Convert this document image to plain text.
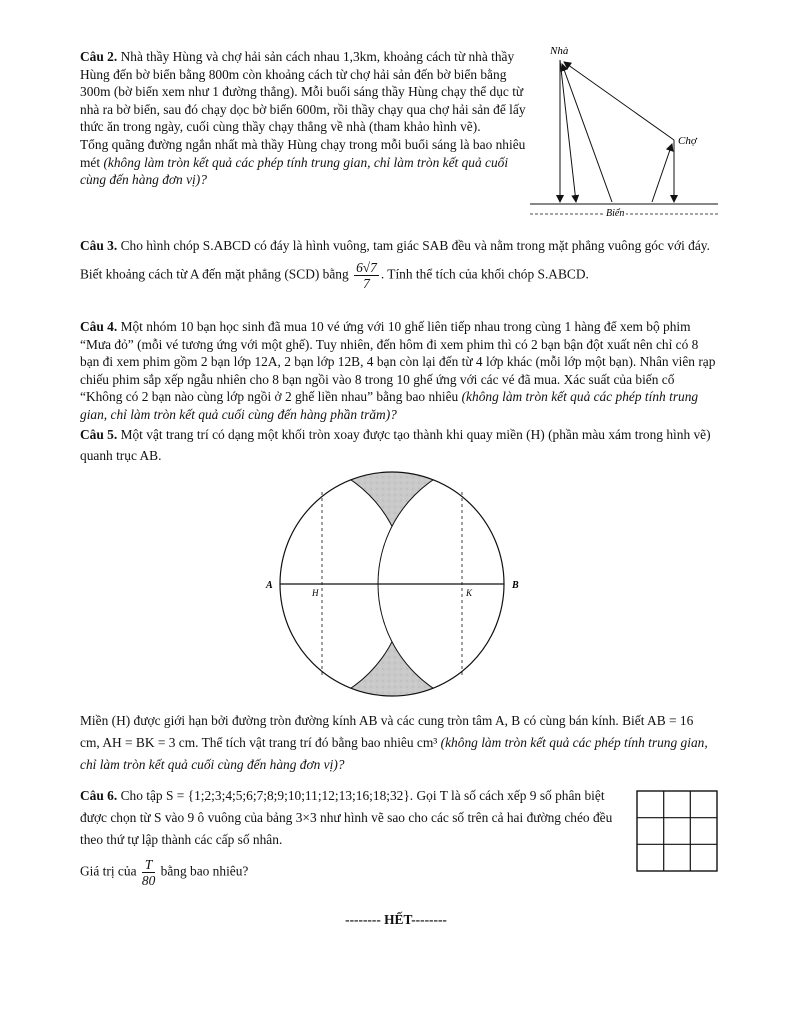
Câu 2. Nhà thầy Hùng và chợ hải sản cách nhau 1,3km, khoảng cách từ nhà thầy Hùng đến bờ biển bằng 800m còn khoảng cách từ chợ hải sản đến bờ biển bằng 300m (bờ biển xem như 1 đường thẳng). Mỗi buổi sáng thầy Hùng chạy thể dục từ nhà ra bờ biển, sau đó chạy dọc bờ biển 600m, rồi thầy chạy qua chợ hải sản để lấy thức ăn trong ngày, cuối cùng thầy chạy thẳng về nhà (tham khảo hình vẽ).

Tổng quãng đường ngắn nhất mà thầy Hùng chạy trong mỗi buổi sáng là bao nhiêu mét (không làm tròn kết quả các phép tính trung gian, chỉ làm tròn kết quả cuối cùng đến hàng đơn vị)?

Nhà
Chợ
Biển

Câu 3. Cho hình chóp S.ABCD có đáy là hình vuông, tam giác SAB đều và nằm trong mặt phẳng vuông góc với đáy. Biết khoảng cách từ A đến mặt phẳng (SCD) bằng $\frac{6√7}{7}$ . Tính thể tích của khối chóp S.ABCD.

Câu 4. Một nhóm 10 bạn học sinh đã mua 10 vé ứng với 10 ghế liên tiếp nhau trong cùng 1 hàng để xem bộ phim “Mưa đỏ” (mỗi vé tương ứng với một ghế). Tuy nhiên, đến hôm đi xem phim thì có 2 bạn bận đột xuất nên chỉ có 8 bạn đi xem phim gồm 2 bạn lớp 12A, 2 bạn lớp 12B, 4 bạn còn lại đến từ 4 lớp khác (mỗi lớp một bạn). Nhân viên rạp chiếu phim sắp xếp ngẫu nhiên cho 8 bạn ngồi vào 8 trong 10 ghế ứng với các vé đã mua. Xác suất của biến cố “Không có 2 bạn nào cùng lớp ngồi ở 2 ghế liền nhau” bằng bao nhiêu (không làm tròn kết quả các phép tính trung gian, chỉ làm tròn kết quả cuối cùng đến hàng phần trăm)?

Câu 5. Một vật trang trí có dạng một khối tròn xoay được tạo thành khi quay miền (H) (phần màu xám trong hình vẽ) quanh trục AB.

A	B
H	K

Miền (H) được giới hạn bởi đường tròn đường kính AB và các cung tròn tâm A, B có cùng bán kính. Biết AB = 16 cm, AH = BK = 3 cm. Thể tích vật trang trí đó bằng bao nhiêu cm³ (không làm tròn kết quả các phép tính trung gian, chỉ làm tròn kết quả cuối cùng đến hàng đơn vị)?

Câu 6. Cho tập S = {1;2;3;4;5;6;7;8;9;10;11;12;13;16;18;32}. Gọi T là số cách xếp 9 số phân biệt được chọn từ S vào 9 ô vuông của bảng 3×3 như hình vẽ sao cho các số trên cả hai đường chéo đều theo thứ tự lập thành các cấp số nhân.

Giá trị của $\frac{T}{80}$ bằng bao nhiêu?

-------- HẾT--------
